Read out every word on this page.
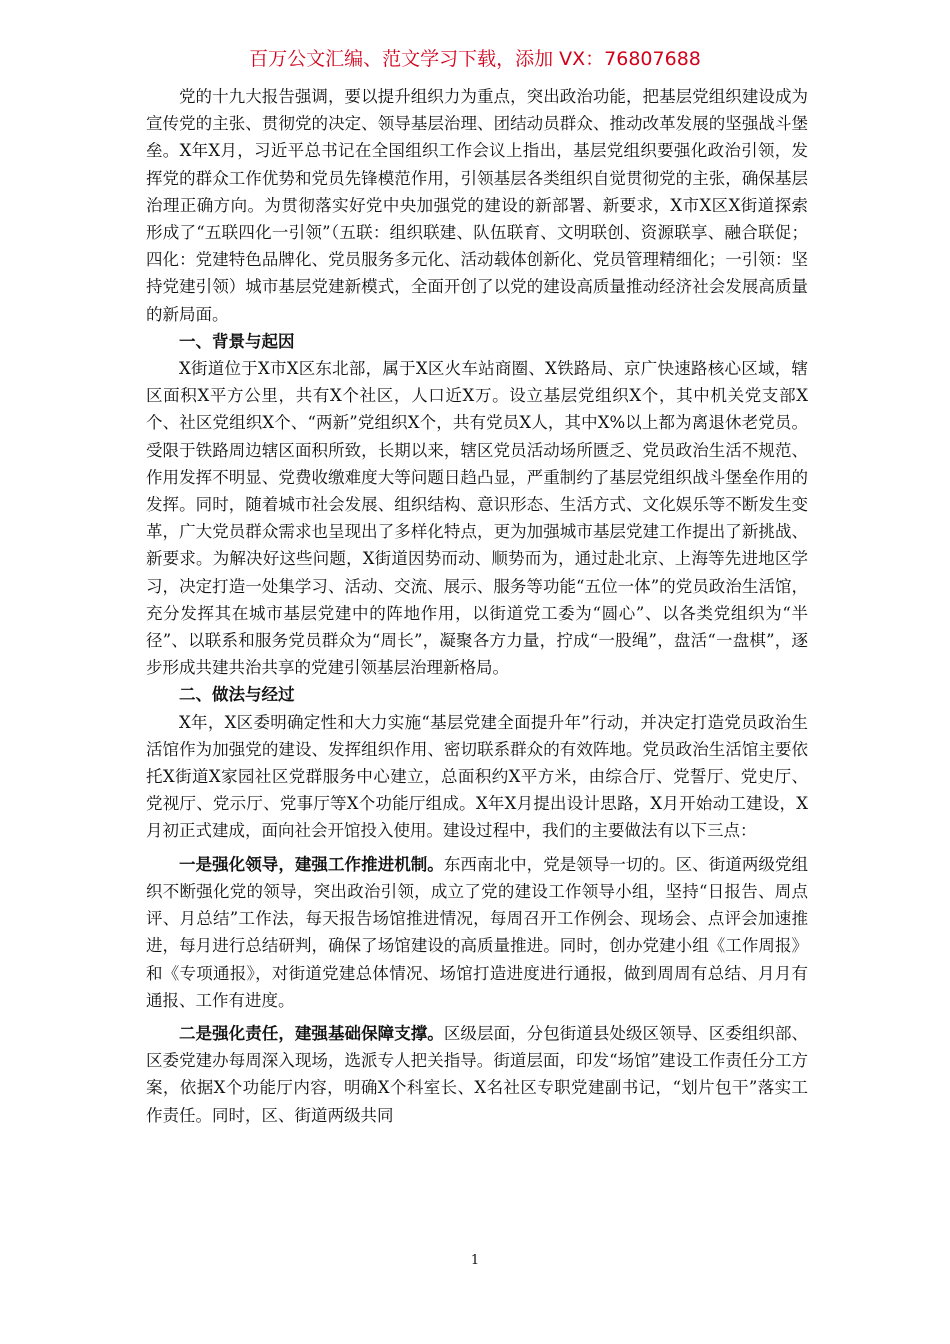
百万公文汇编、范文学习下载，添加 VX：76807688

党的十九大报告强调，要以提升组织力为重点，突出政治功能，把基层党组织建设成为宣传党的主张、贯彻党的决定、领导基层治理、团结动员群众、推动改革发展的坚强战斗堡垒。X年X月，习近平总书记在全国组织工作会议上指出，基层党组织要强化政治引领，发挥党的群众工作优势和党员先锋模范作用，引领基层各类组织自觉贯彻党的主张，确保基层治理正确方向。为贯彻落实好党中央加强党的建设的新部署、新要求，X市X区X街道探索形成了“五联四化一引领”（五联：组织联建、队伍联育、文明联创、资源联享、融合联促；四化：党建特色品牌化、党员服务多元化、活动载体创新化、党员管理精细化；一引领：坚持党建引领）城市基层党建新模式，全面开创了以党的建设高质量推动经济社会发展高质量的新局面。

一、背景与起因

X街道位于X市X区东北部，属于X区火车站商圈、X铁路局、京广快速路核心区域，辖区面积X平方公里，共有X个社区，人口近X万。设立基层党组织X个，其中机关党支部X个、社区党组织X个、“两新”党组织X个，共有党员X人，其中X%以上都为离退休老党员。受限于铁路周边辖区面积所致，长期以来，辖区党员活动场所匮乏、党员政治生活不规范、作用发挥不明显、党费收缴难度大等问题日趋凸显，严重制约了基层党组织战斗堡垒作用的发挥。同时，随着城市社会发展、组织结构、意识形态、生活方式、文化娱乐等不断发生变革，广大党员群众需求也呈现出了多样化特点，更为加强城市基层党建工作提出了新挑战、新要求。为解决好这些问题，X街道因势而动、顺势而为，通过赴北京、上海等先进地区学习，决定打造一处集学习、活动、交流、展示、服务等功能“五位一体”的党员政治生活馆，充分发挥其在城市基层党建中的阵地作用，以街道党工委为“圆心”、以各类党组织为“半径”、以联系和服务党员群众为“周长”，凝聚各方力量，拧成“一股绳”，盘活“一盘棋”，逐步形成共建共治共享的党建引领基层治理新格局。

二、做法与经过

X年，X区委明确定性和大力实施“基层党建全面提升年”行动，并决定打造党员政治生活馆作为加强党的建设、发挥组织作用、密切联系群众的有效阵地。党员政治生活馆主要依托X街道X家园社区党群服务中心建立，总面积约X平方米，由综合厅、党誓厅、党史厅、党视厅、党示厅、党事厅等X个功能厅组成。X年X月提出设计思路，X月开始动工建设，X月初正式建成，面向社会开馆投入使用。建设过程中，我们的主要做法有以下三点：

一是强化领导，建强工作推进机制。东西南北中，党是领导一切的。区、街道两级党组织不断强化党的领导，突出政治引领，成立了党的建设工作领导小组，坚持“日报告、周点评、月总结”工作法，每天报告场馆推进情况，每周召开工作例会、现场会、点评会加速推进，每月进行总结研判，确保了场馆建设的高质量推进。同时，创办党建小组《工作周报》和《专项通报》，对街道党建总体情况、场馆打造进度进行通报，做到周周有总结、月月有通报、工作有进度。

二是强化责任，建强基础保障支撑。区级层面，分包街道县处级区领导、区委组织部、区委党建办每周深入现场，选派专人把关指导。街道层面，印发“场馆”建设工作责任分工方案，依据X个功能厅内容，明确X个科室长、X名社区专职党建副书记，“划片包干”落实工作责任。同时，区、街道两级共同

1
